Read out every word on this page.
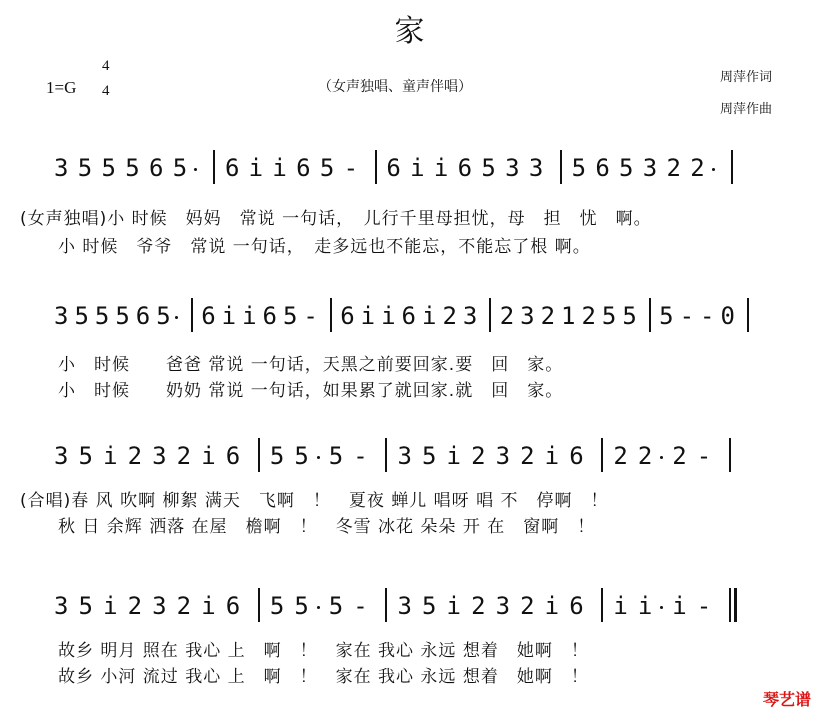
家
1=G
4
4	（女声独唱、童声伴唱）
周萍作词
周萍作曲
3 5 5 5 6 5 6 i i 6 5 - 6 i i 6 5 3 3 5 6 5 3 2 2
(女声独唱)小 时候　妈妈　常说 一句话，　儿行千里母担忧，母　担　忧　啊。
小 时候　爷爷　常说 一句话，　走多远也不能忘，不能忘了根 啊。
3 5 5 5 6 5 6 i i 6 5 - 6 i i 6 i 2 3 2 3 2 1 2 5 5 5 - - 0
小　时候　　爸爸 常说 一句话，天黑之前要回家.要　回　家。
小　时候　　奶奶 常说 一句话，如果累了就回家.就　回　家。
3 5 i 2 3 2 i 6 5 5 5 - 3 5 i 2 3 2 i 6 2 2 2 -
(合唱)春 风 吹啊 柳絮 满天　飞啊　！　夏夜 蝉儿 唱呀 唱 不　停啊　！
秋 日 余辉 洒落 在屋　檐啊　！　冬雪 冰花 朵朵 开 在　窗啊　！
3 5 i 2 3 2 i 6 5 5 5 - 3 5 i 2 3 2 i 6 i i i -
故乡 明月 照在 我心 上　啊　！　家在 我心 永远 想着　她啊　！
故乡 小河 流过 我心 上　啊　！　家在 我心 永远 想着　她啊　！
琴艺谱
